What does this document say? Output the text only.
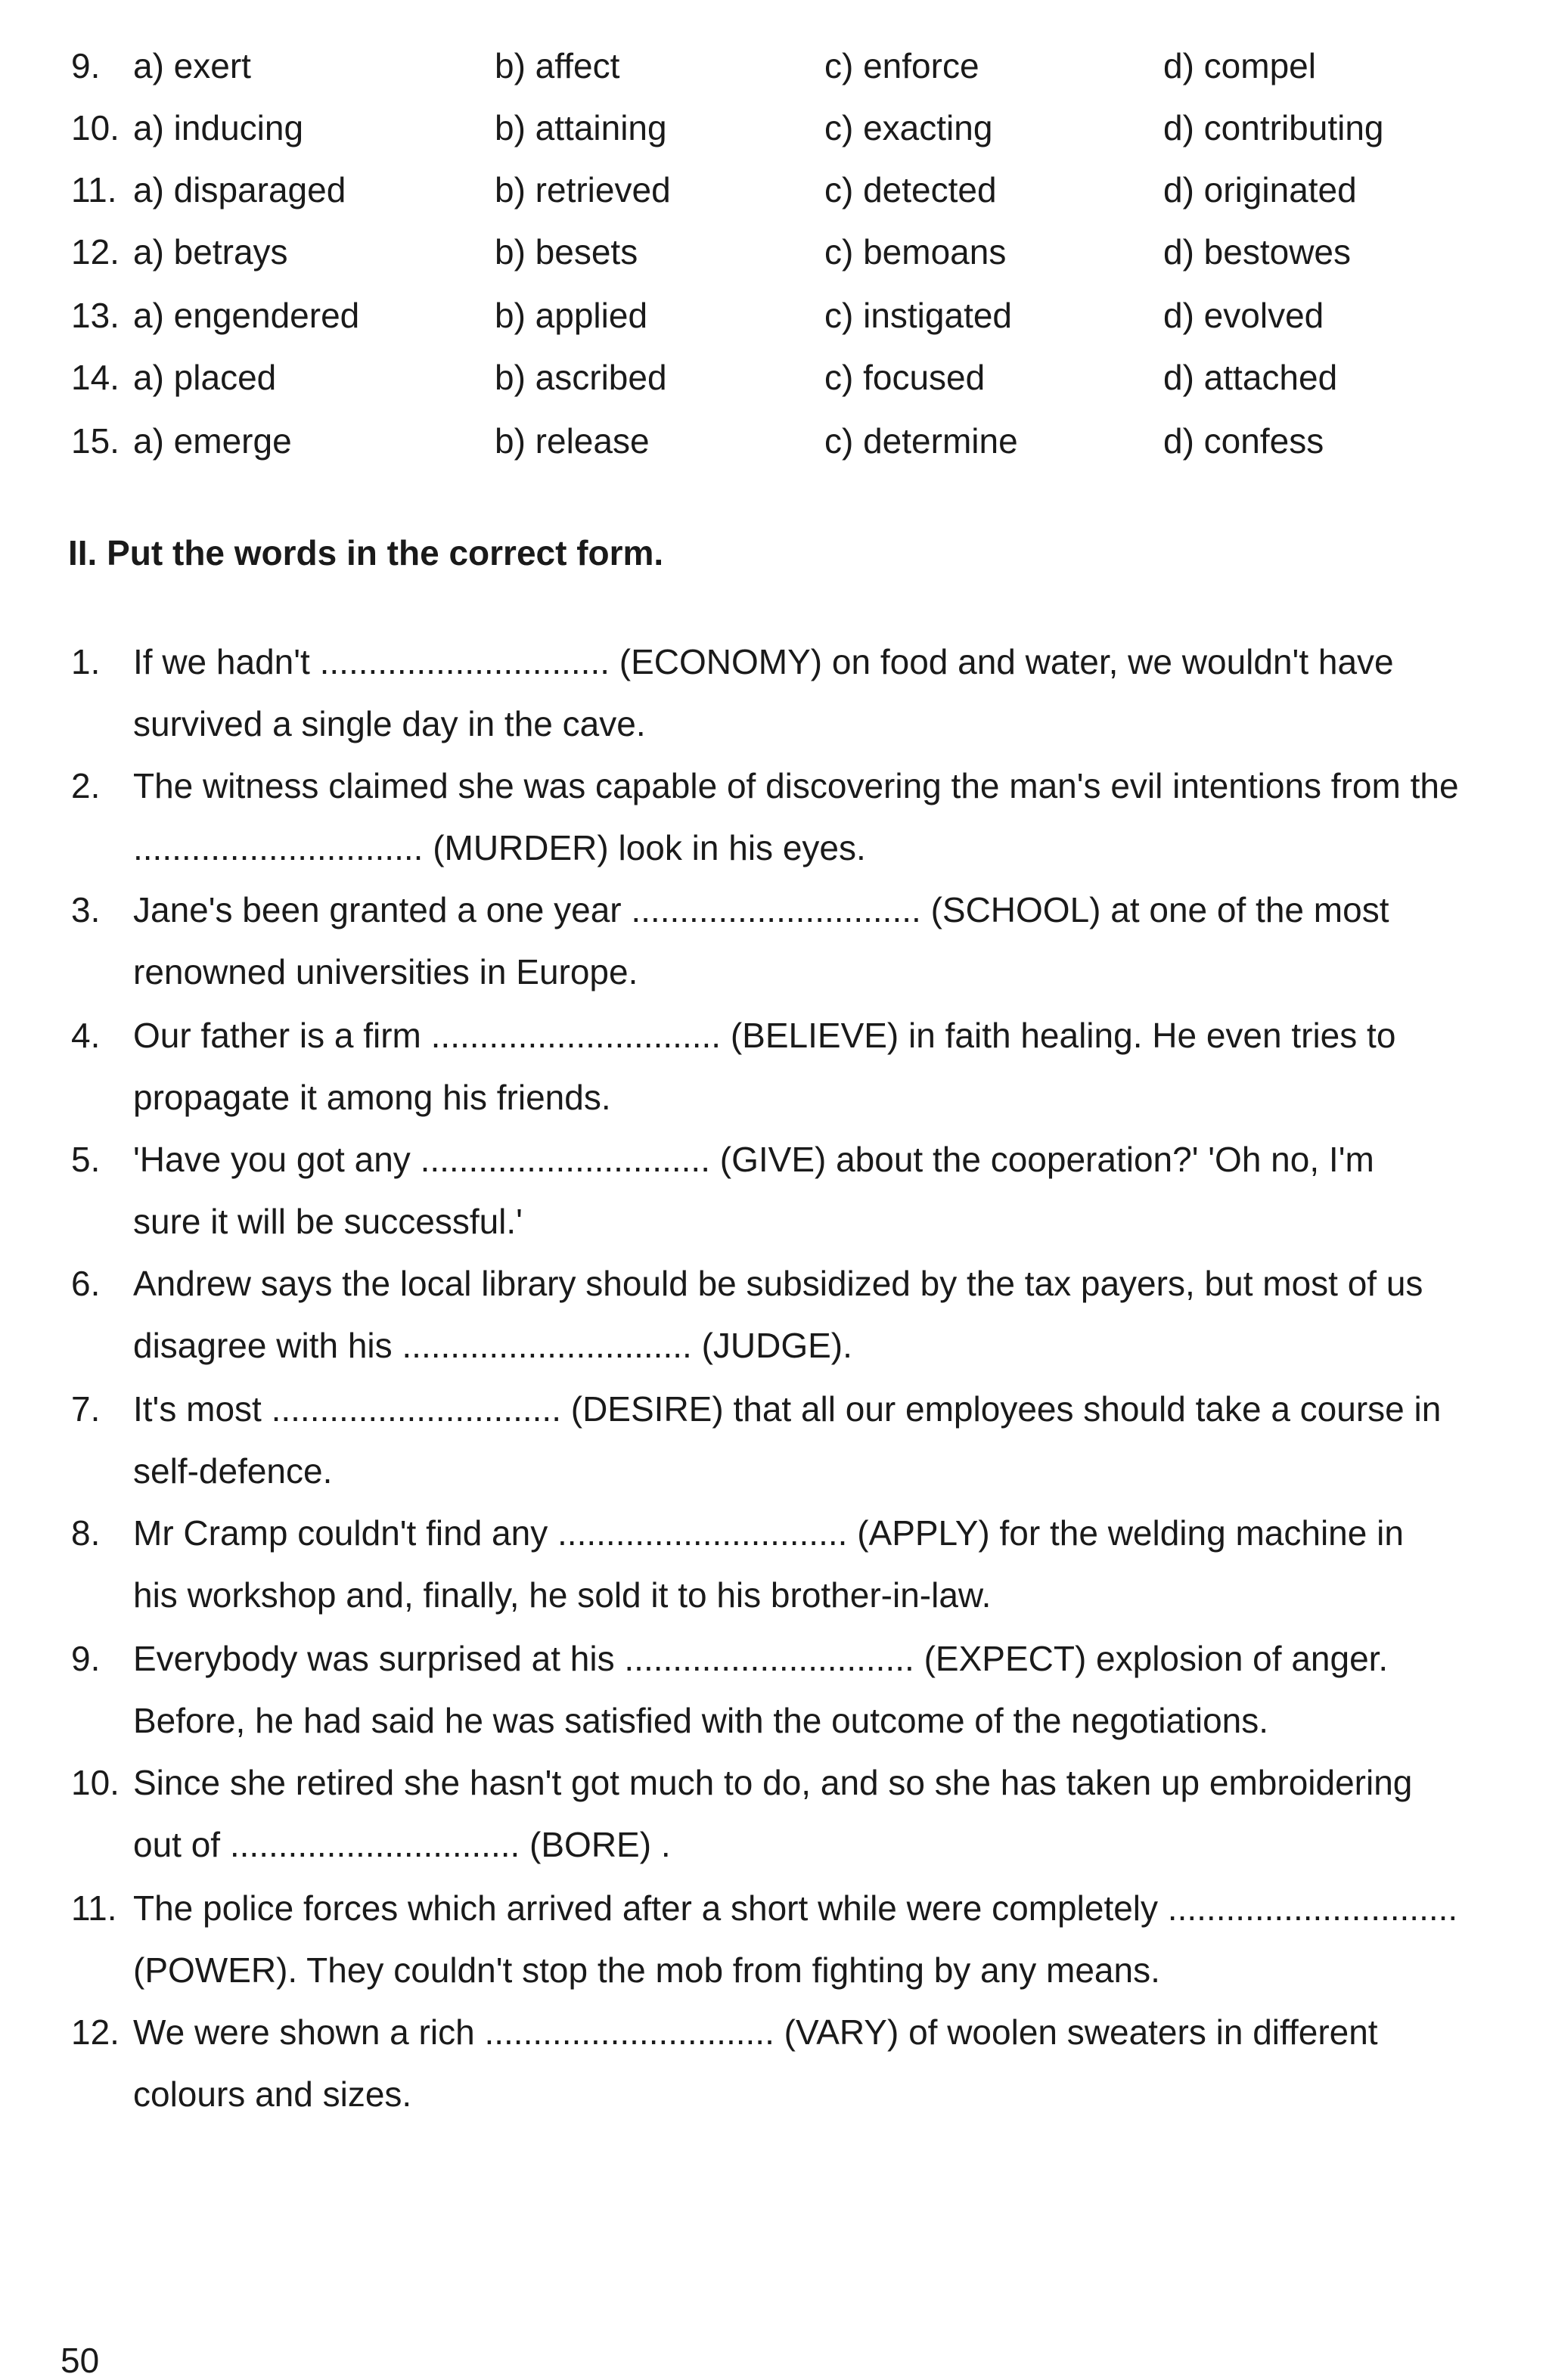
9. a) exert	b) affect	c) enforce	d) compel
10. a) inducing	b) attaining	c) exacting	d) contributing
11. a) disparaged	b) retrieved	c) detected	d) originated
12. a) betrays	b) besets	c) bemoans	d) bestowes
13. a) engendered	b) applied	c) instigated	d) evolved
14. a) placed	b) ascribed	c) focused	d) attached
15. a) emerge	b) release	c) determine	d) confess
II. Put the words in the correct form.
1. If we hadn't .............................. (ECONOMY) on food and water, we wouldn't have
survived a single day in the cave.
2. The witness claimed she was capable of discovering the man's evil intentions from the
.............................. (MURDER) look in his eyes.
3. Jane's been granted a one year .............................. (SCHOOL) at one of the most
renowned universities in Europe.
4. Our father is a firm .............................. (BELIEVE) in faith healing. He even tries to
propagate it among his friends.
5. 'Have you got any .............................. (GIVE) about the cooperation?' 'Oh no, I'm
sure it will be successful.'
6. Andrew says the local library should be subsidized by the tax payers, but most of us
disagree with his .............................. (JUDGE).
7. It's most .............................. (DESIRE) that all our employees should take a course in
self-defence.
8. Mr Cramp couldn't find any .............................. (APPLY) for the welding machine in
his workshop and, finally, he sold it to his brother-in-law.
9. Everybody was surprised at his .............................. (EXPECT) explosion of anger.
Before, he had said he was satisfied with the outcome of the negotiations.
10. Since she retired she hasn't got much to do, and so she has taken up embroidering
out of .............................. (BORE) .
11. The police forces which arrived after a short while were completely ..............................
(POWER). They couldn't stop the mob from fighting by any means.
12. We were shown a rich .............................. (VARY) of woolen sweaters in different
colours and sizes.
50
